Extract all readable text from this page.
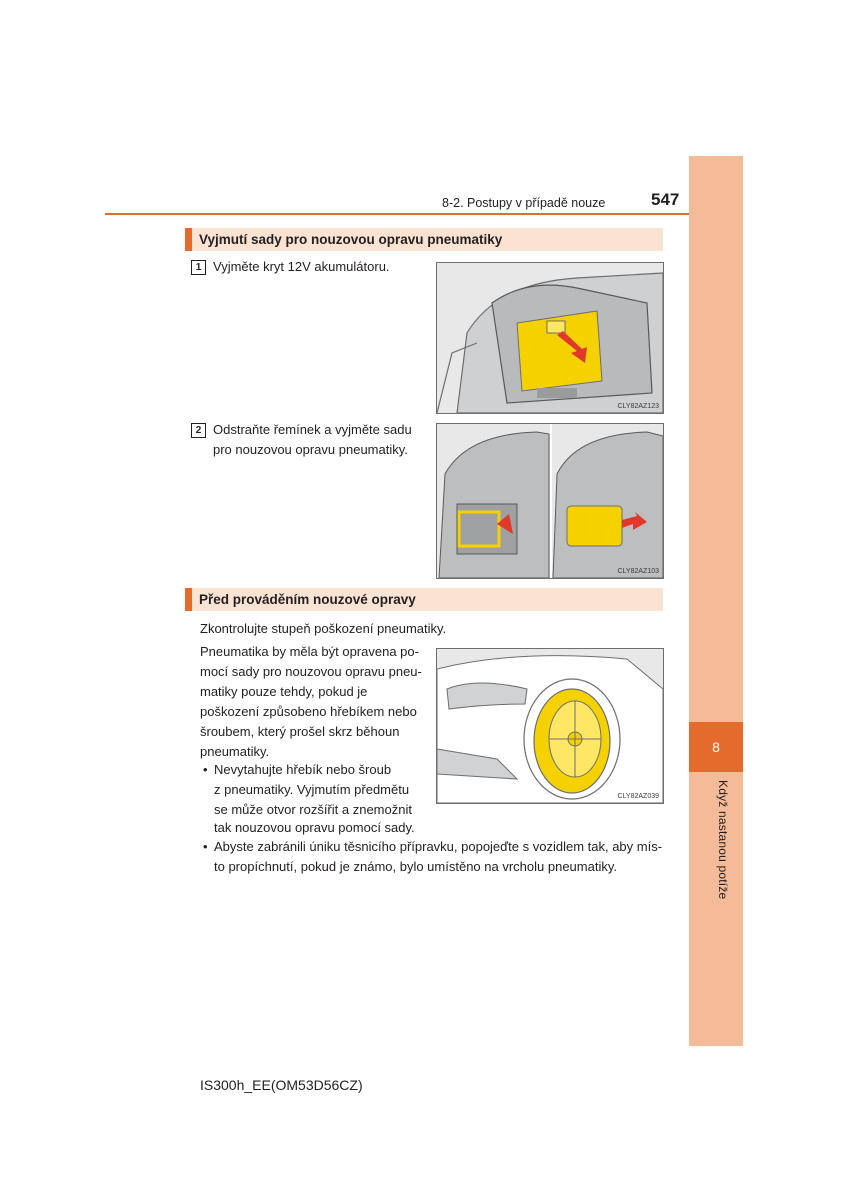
8
Když nastanou potíže
8-2. Postupy v případě nouze	547
Vyjmutí sady pro nouzovou opravu pneumatiky
1 Vyjměte kryt 12V akumulátoru.
CLY82AZ123
2 Odstraňte řemínek a vyjměte sadu
pro nouzovou opravu pneumatiky.
CLY82AZ103
Před prováděním nouzové opravy
Zkontrolujte stupeň poškození pneumatiky.
Pneumatika by měla být opravena po-
mocí sady pro nouzovou opravu pneu-
matiky pouze tehdy, pokud je
poškození způsobeno hřebíkem nebo
šroubem, který prošel skrz běhoun
pneumatiky.
• Nevytahujte hřebík nebo šroub
z pneumatiky. Vyjmutím předmětu
se může otvor rozšířit a znemožnit
tak nouzovou opravu pomocí sady.
• Abyste zabránili úniku těsnicího přípravku, popojeďte s vozidlem tak, aby mís-
to propíchnutí, pokud je známo, bylo umístěno na vrcholu pneumatiky.
CLY82AZ039
IS300h_EE(OM53D56CZ)
